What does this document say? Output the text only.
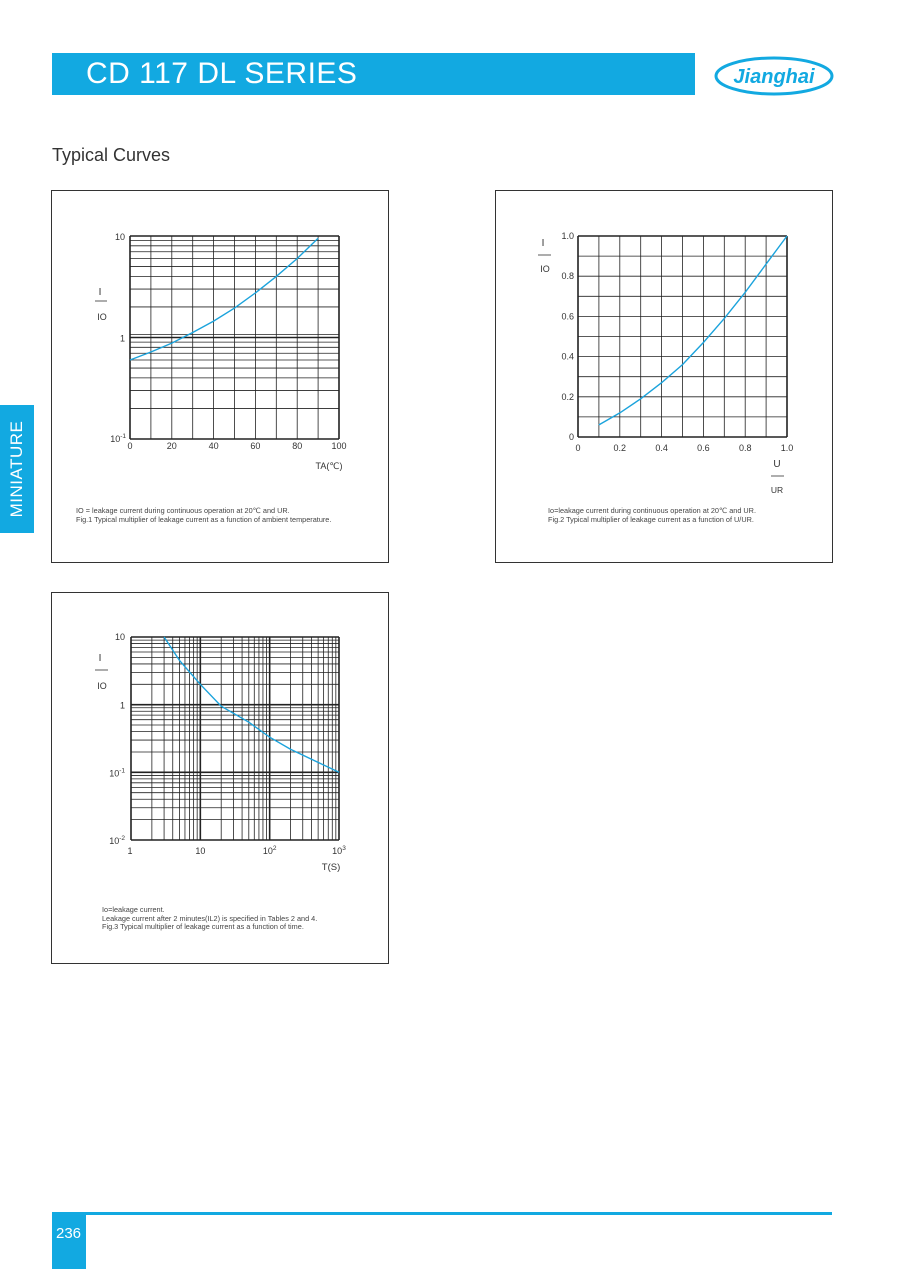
CD 117 DL SERIES	Jianghai
Typical Curves
MINIATURE	0	20	40	60	80	100
10
1
$10^{-1}$
I
IO
TA(℃)
IO = leakage current during continuous operation at 20℃ and UR.
Fig.1 Typical multiplier of leakage current as a function of ambient temperature.
0	0.2	0.4	0.6	0.8	1.0
0
0.2
0.4
0.6
0.8
1.0
I
IO
U
UR
Io=leakage current during continuous operation at 20℃ and UR.
Fig.2 Typical multiplier of leakage current as a function of U/UR.
1	10	$10^2$	$10^3$
10
1
$10^{-1}$
$10^{-2}$
I
IO
T(S)
Io=leakage current.
Leakage current after 2 minutes(IL2) is specified in Tables 2 and 4.
Fig.3 Typical multiplier of leakage current as a function of time.
236
